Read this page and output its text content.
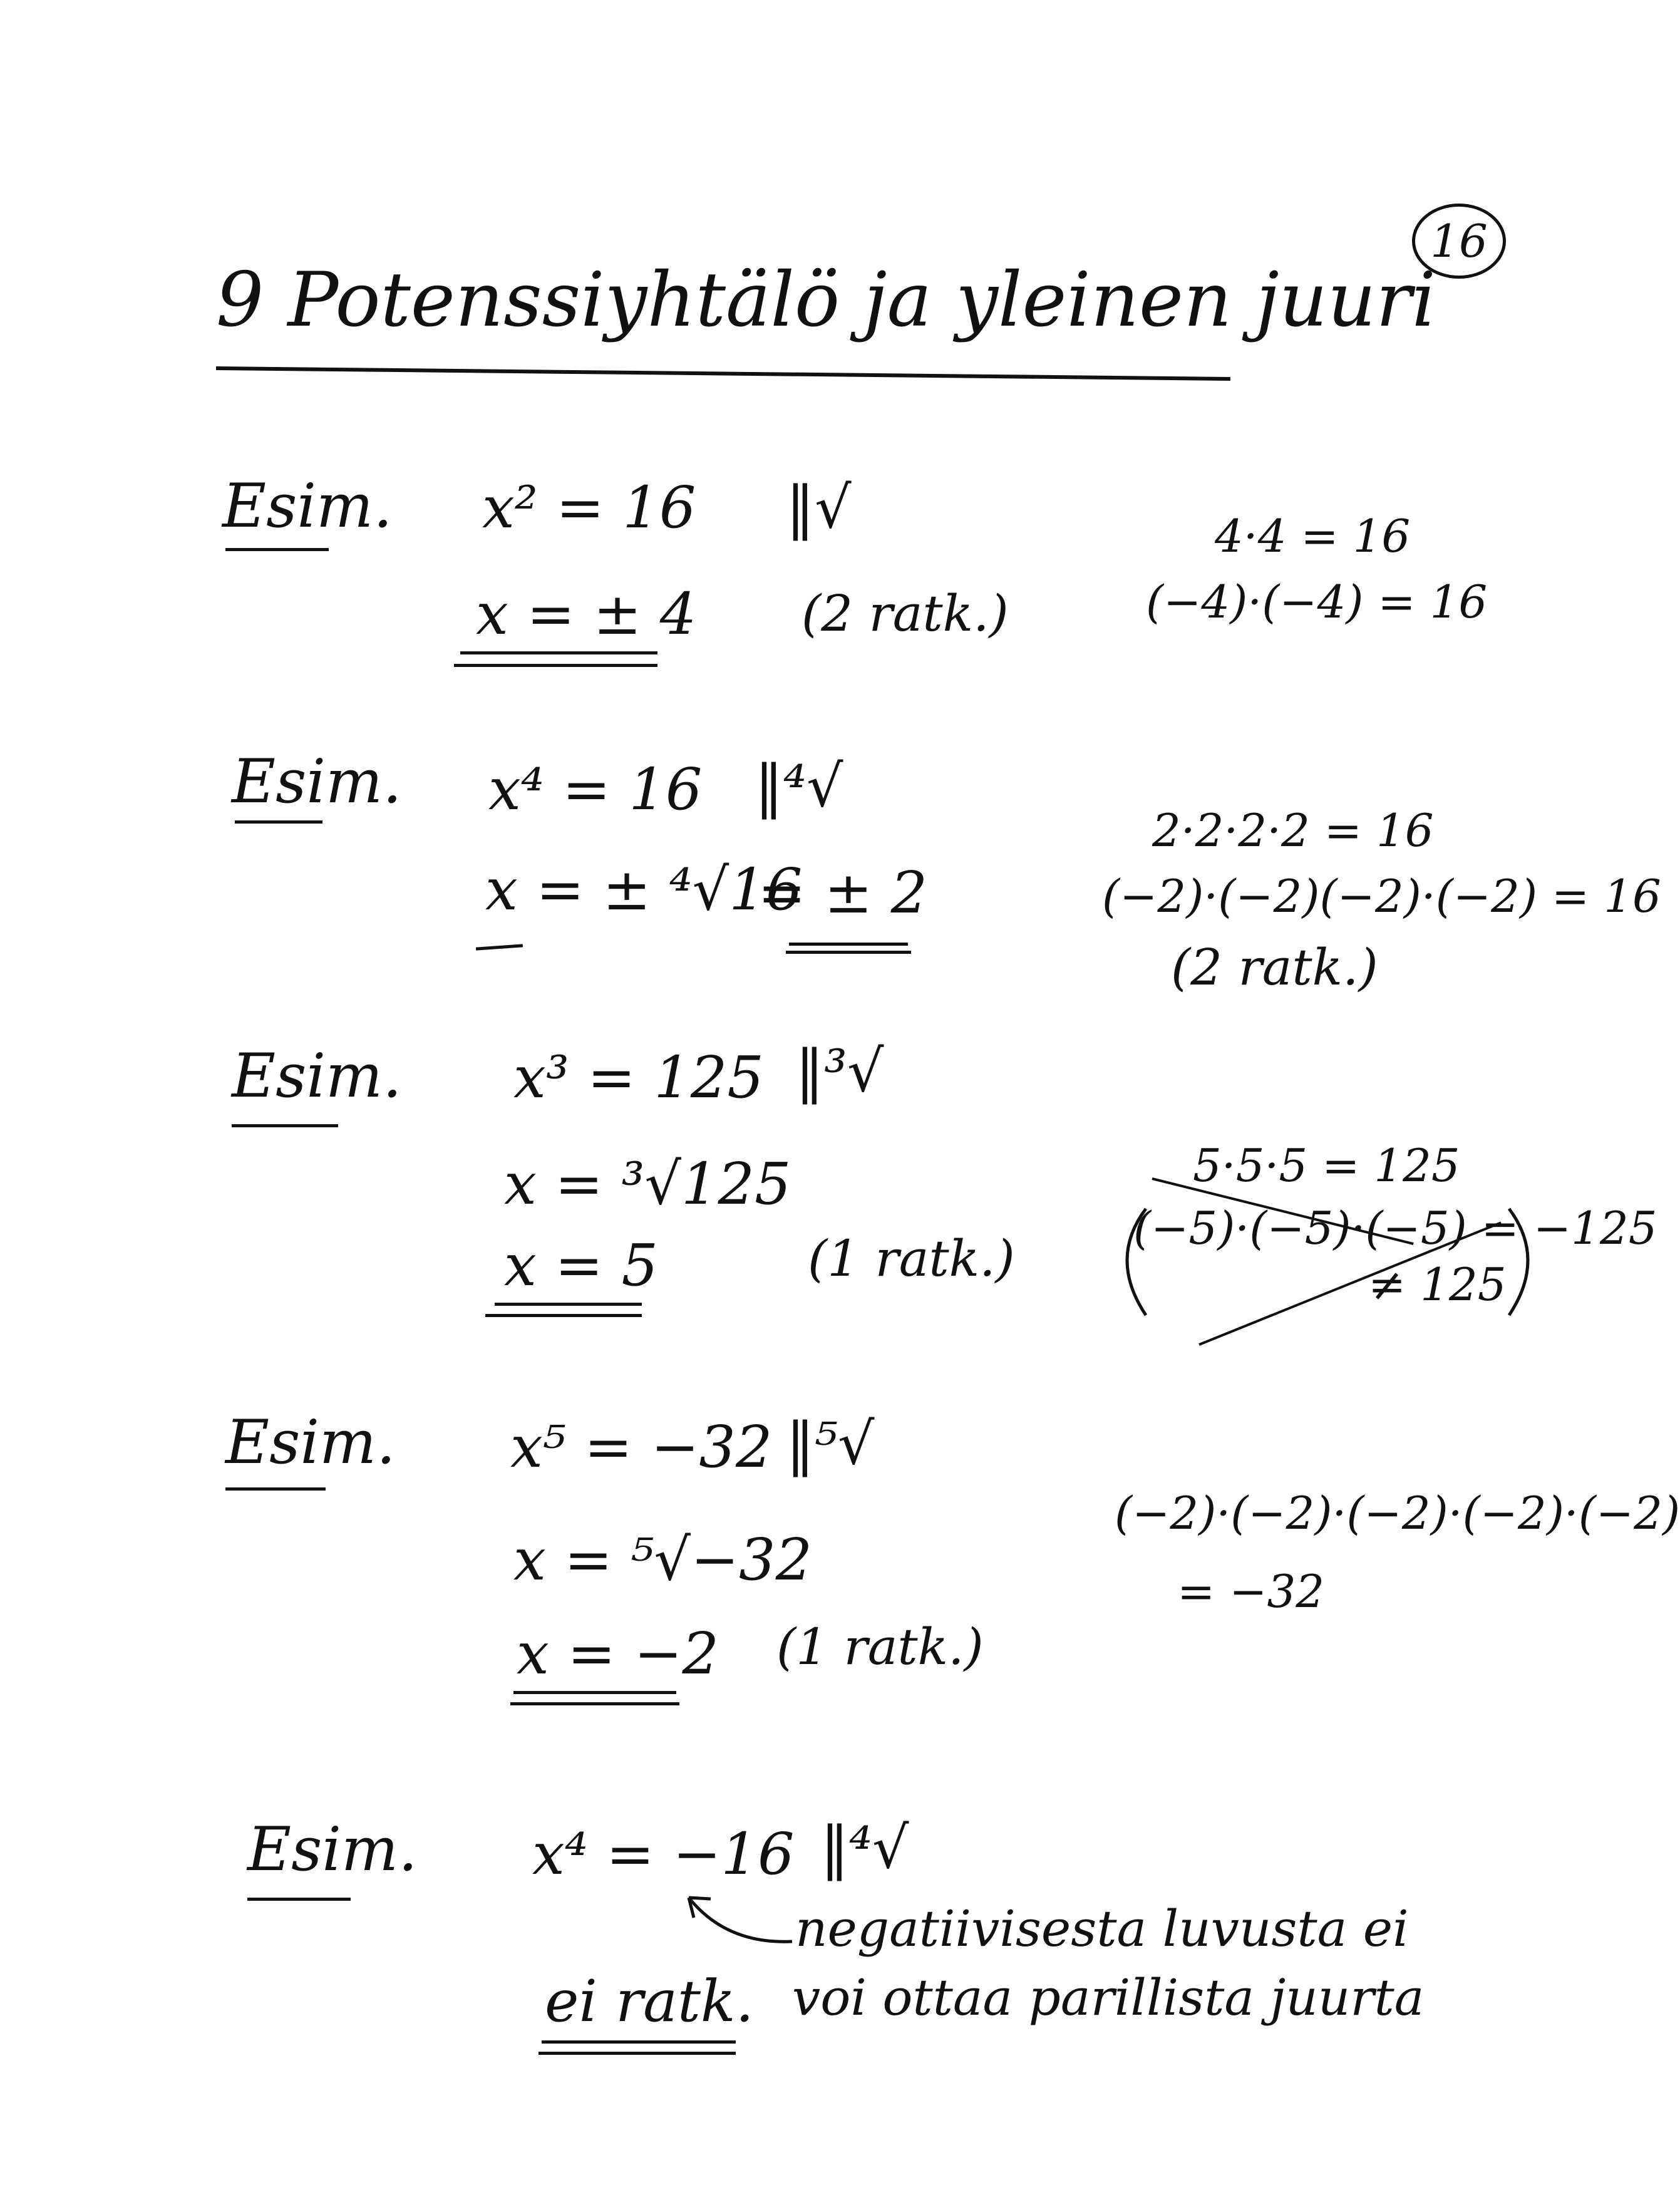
16
9 Potenssiyhtälö ja yleinen juuri
Esim. x² = 16 ‖√
x = ± 4 (2 ratk.)
4·4 = 16
(−4)·(−4) = 16
Esim. x⁴ = 16 ‖⁴√
x = ± ⁴√16
= ± 2
2·2·2·2 = 16
(−2)·(−2)(−2)·(−2) = 16
(2 ratk.)
Esim. x³ = 125 ‖³√
x = ³√125
x = 5	(1 ratk.)
5·5·5 = 125
(−5)·(−5)·(−5) = −125
≠ 125
Esim. x⁵ = −32 ‖⁵√
x = ⁵√−32
x = −2 (1 ratk.)
(−2)·(−2)·(−2)·(−2)·(−2)
= −32
Esim. x⁴ = −16 ‖⁴√
negatiivisesta luvusta ei
voi ottaa parillista juurta
ei ratk.
